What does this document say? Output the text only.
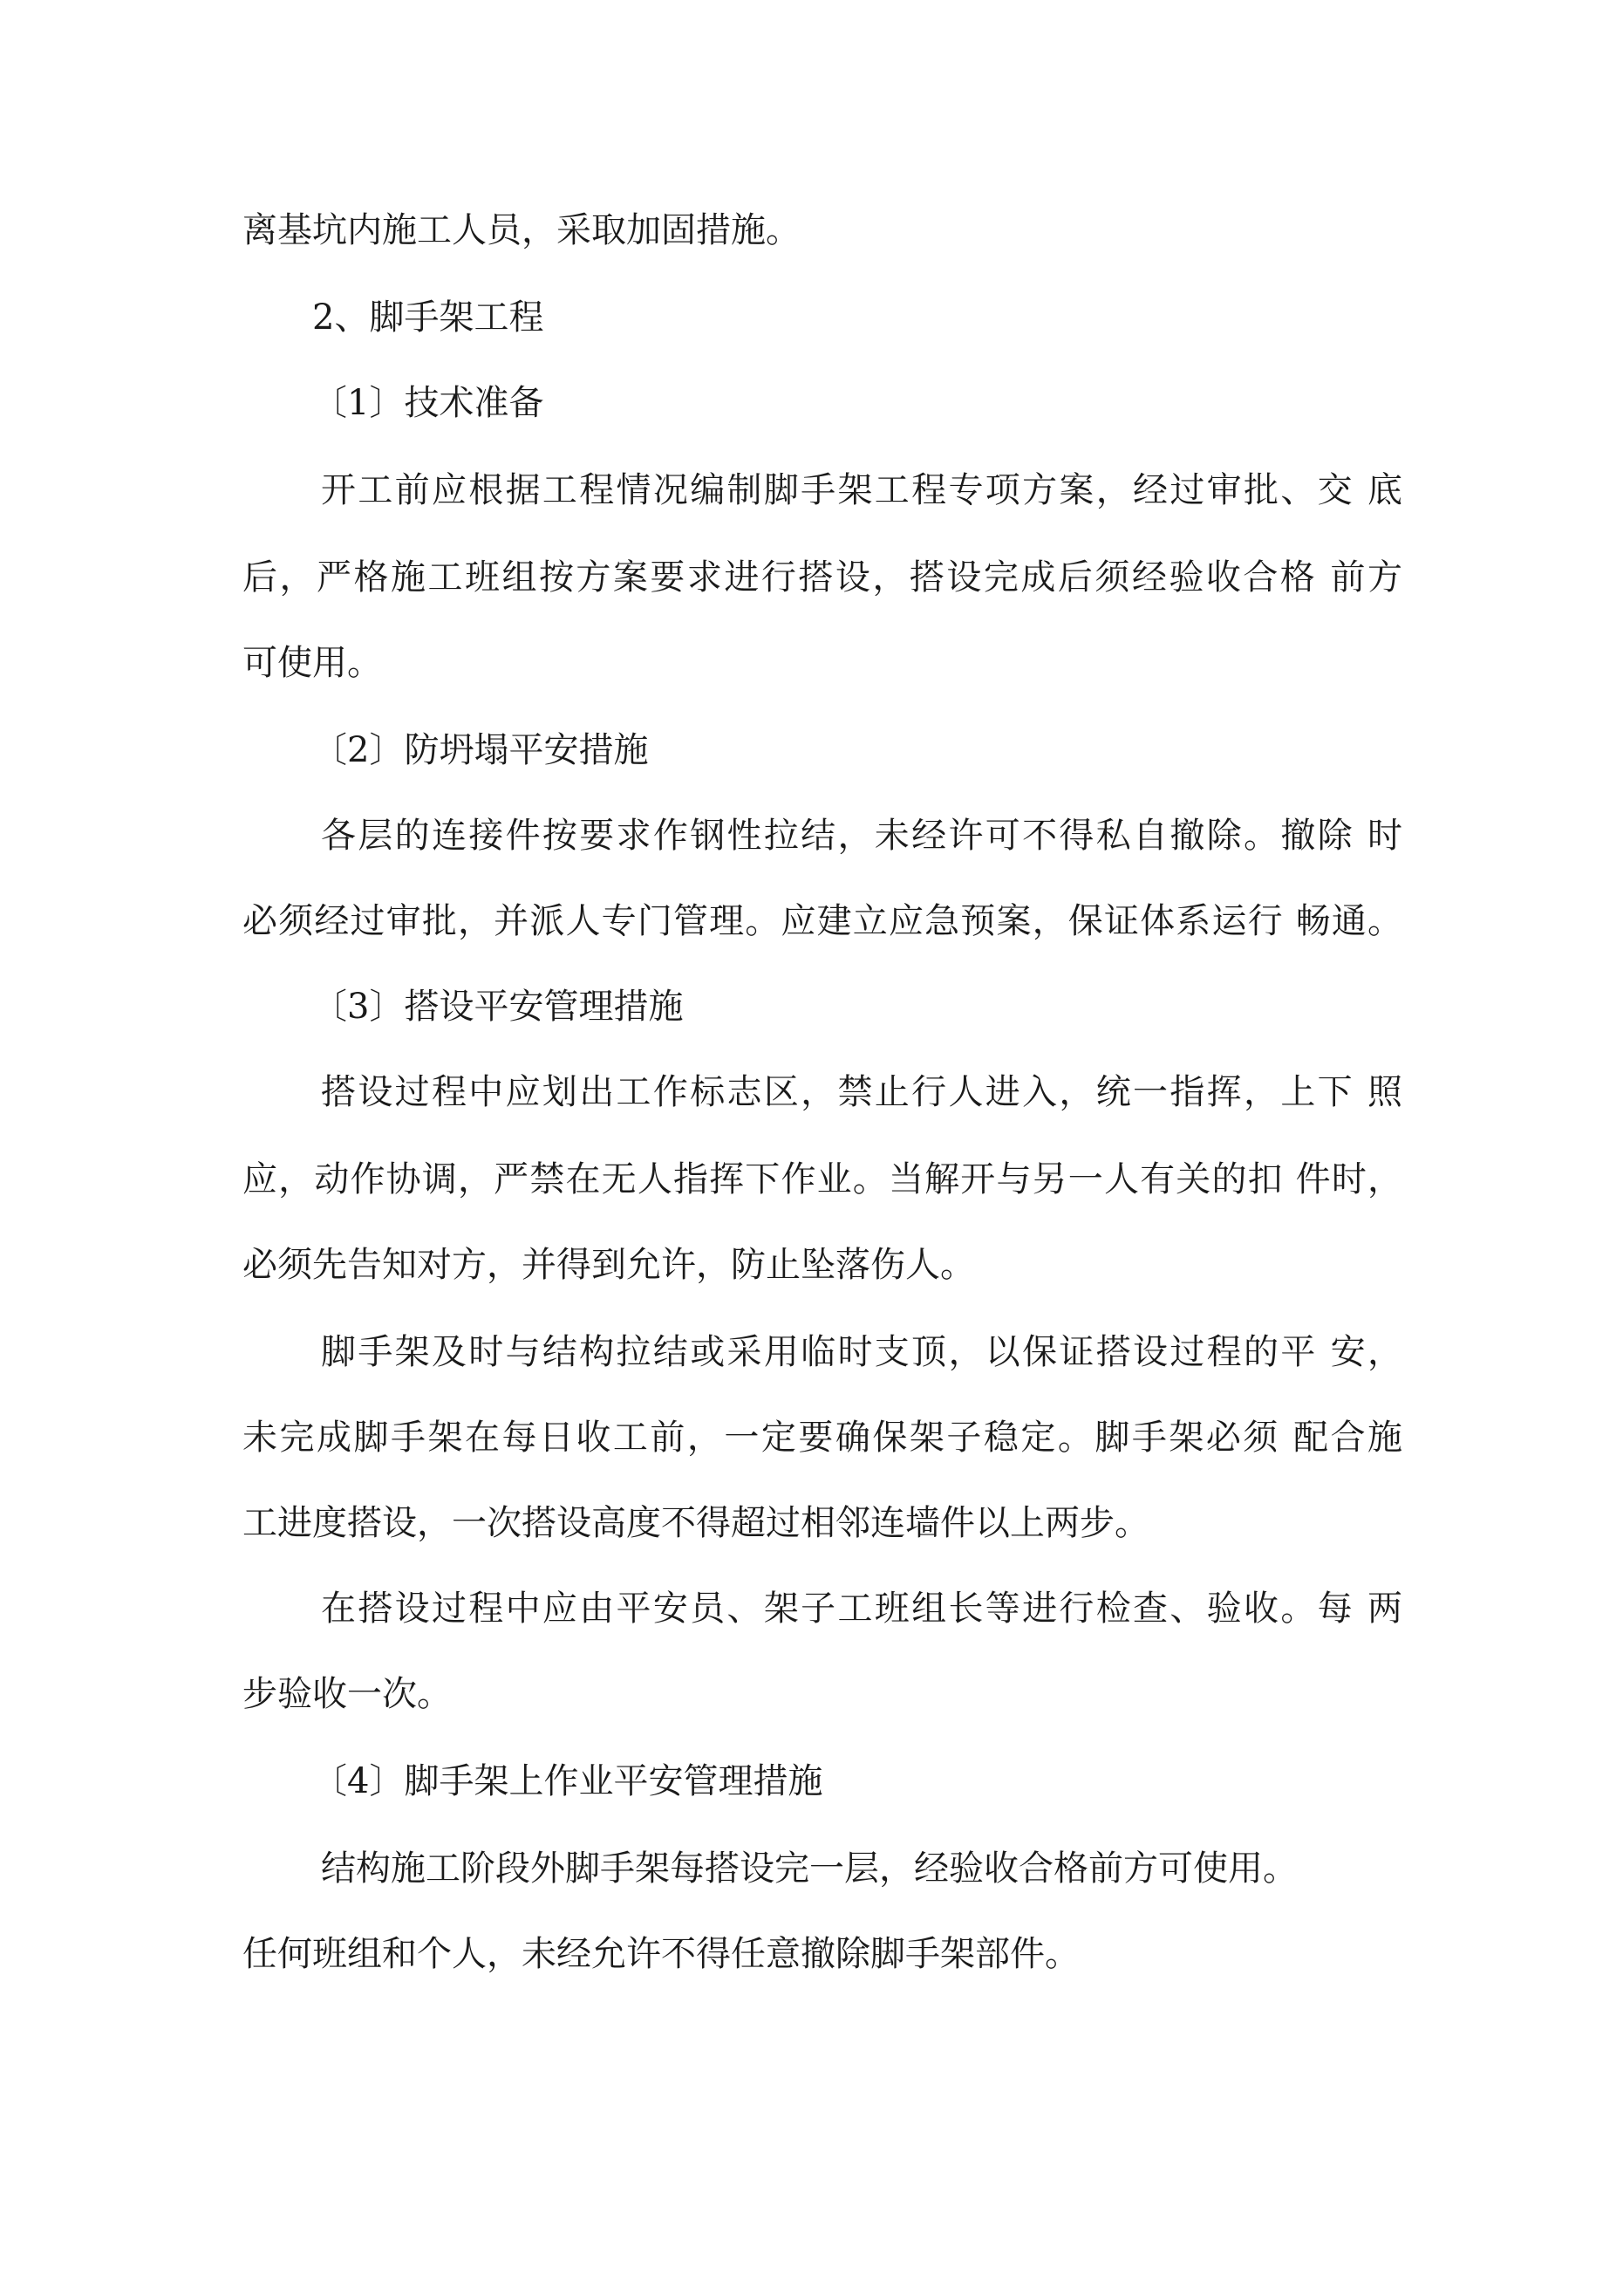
离基坑内施工人员，采取加固措施。
2、脚手架工程
〔1〕技术准备
开工前应根据工程情况编制脚手架工程专项方案，经过审批、交 底
后，严格施工班组按方案要求进行搭设，搭设完成后须经验收合格 前方
可使用。
〔2〕防坍塌平安措施
各层的连接件按要求作钢性拉结，未经许可不得私自撤除。撤除 时
必须经过审批，并派人专门管理。应建立应急预案，保证体系运行 畅通。
〔3〕搭设平安管理措施
搭设过程中应划出工作标志区，禁止行人进入，统一指挥，上下 照
应，动作协调，严禁在无人指挥下作业。当解开与另一人有关的扣 件时，
必须先告知对方，并得到允许，防止坠落伤人。
脚手架及时与结构拉结或采用临时支顶，以保证搭设过程的平 安，
未完成脚手架在每日收工前，一定要确保架子稳定。脚手架必须 配合施
工进度搭设，一次搭设高度不得超过相邻连墙件以上两步。
在搭设过程中应由平安员、架子工班组长等进行检查、验收。每 两
步验收一次。
〔4〕脚手架上作业平安管理措施
结构施工阶段外脚手架每搭设完一层，经验收合格前方可使用。
任何班组和个人，未经允许不得任意撤除脚手架部件。
